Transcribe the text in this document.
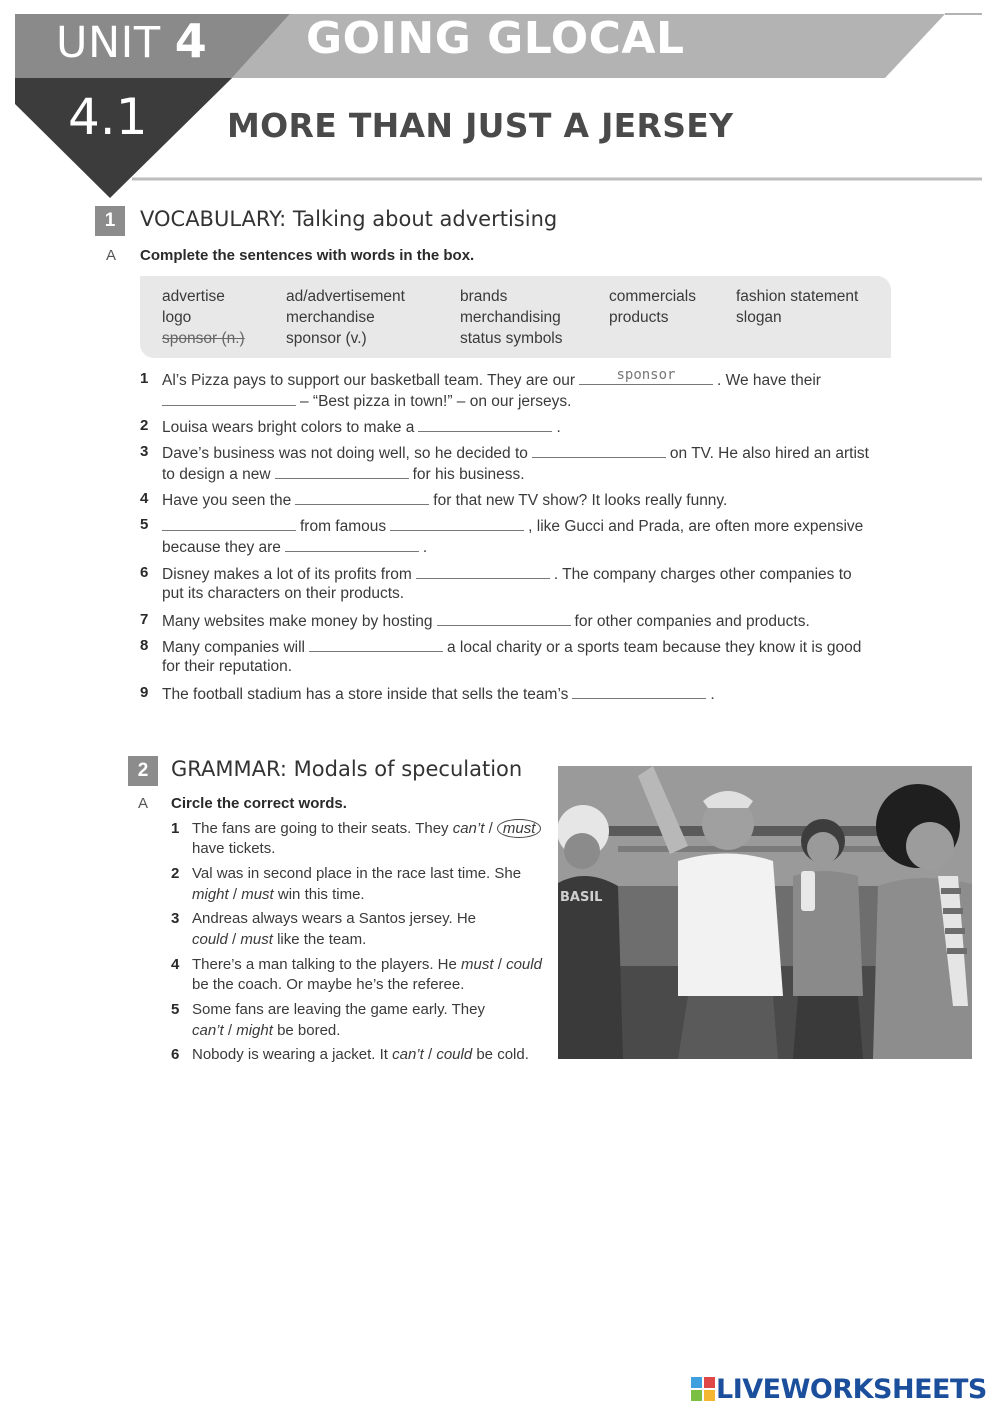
UNIT 4 GOING GLOCAL
4.1 MORE THAN JUST A JERSEY
1	VOCABULARY: Talking about advertising
A Complete the sentences with words in the box.
advertise	ad/advertisement	brands	commercials	fashion statement
logo	merchandise	merchandising	products	slogan
sponsor (n.)	sponsor (v.)	status symbols
1 Al’s Pizza pays to support our basketball team. They are our	sponsor	. We have their
– “Best pizza in town!” – on our jerseys.
2 Louisa wears bright colors to make a	.
3 Dave’s business was not doing well, so he decided to	on TV. He also hired an artist
to design a new	for his business.
4 Have you seen the	for that new TV show? It looks really funny.
5	from famous	, like Gucci and Prada, are often more expensive
because they are	.
6 Disney makes a lot of its profits from	. The company charges other companies to
put its characters on their products.
7 Many websites make money by hosting	for other companies and products.
8 Many companies will	a local charity or a sports team because they know it is good
for their reputation.
9 The football stadium has a store inside that sells the team’s	.
2	GRAMMAR: Modals of speculation
A Circle the correct words.
1 The fans are going to their seats. They can’t / must
have tickets.
2 Val was in second place in the race last time. She
might / must win this time.
3 Andreas always wears a Santos jersey. He
could / must like the team.
4 There’s a man talking to the players. He must / could
be the coach. Or maybe he’s the referee.
5 Some fans are leaving the game early. They
can’t / might be bored.
6 Nobody is wearing a jacket. It can’t / could be cold.
BASIL
LIVEWORKSHEETS
